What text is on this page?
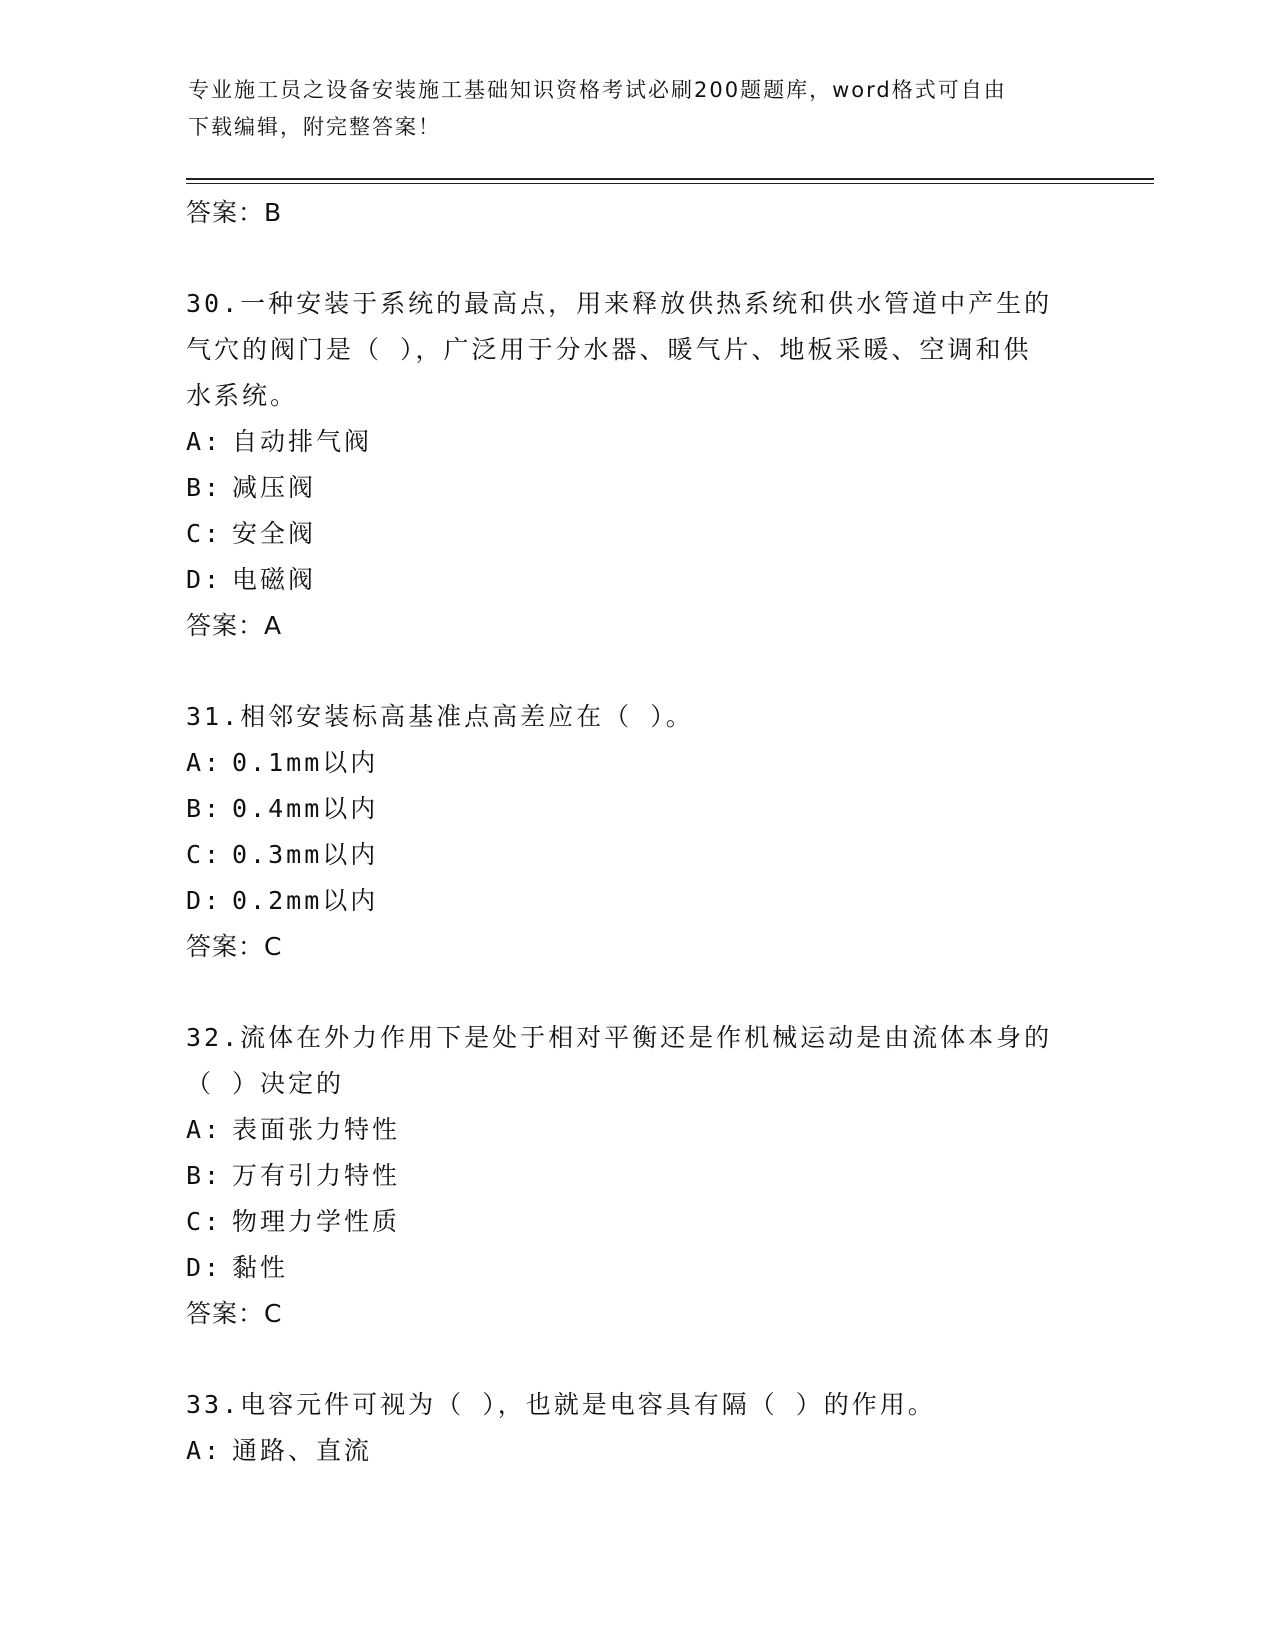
专业施工员之设备安装施工基础知识资格考试必刷200题题库，word格式可自由
下载编辑，附完整答案！
答案：B
30.一种安装于系统的最高点，用来释放供热系统和供水管道中产生的
气穴的阀门是（ ），广泛用于分水器、暖气片、地板采暖、空调和供
水系统。
A: 自动排气阀
B: 减压阀
C: 安全阀
D: 电磁阀
答案：A
31.相邻安装标高基准点高差应在（ ）。
A: 0.1mm以内
B: 0.4mm以内
C: 0.3mm以内
D: 0.2mm以内
答案：C
32.流体在外力作用下是处于相对平衡还是作机械运动是由流体本身的
（ ）决定的
A: 表面张力特性
B: 万有引力特性
C: 物理力学性质
D: 黏性
答案：C
33.电容元件可视为（ ），也就是电容具有隔（ ）的作用。
A: 通路、直流
